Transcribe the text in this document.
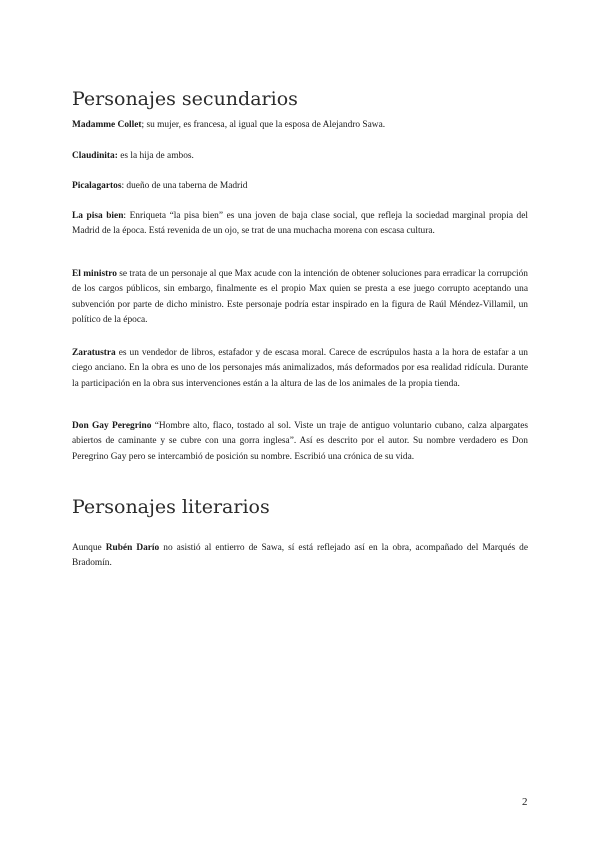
Personajes secundarios

Madamme Collet; su mujer, es francesa, al igual que la esposa de Alejandro Sawa.

Claudinita: es la hija de ambos.

Picalagartos: dueño de una taberna de Madrid

La pisa bien: Enriqueta “la pisa bien” es una joven de baja clase social, que refleja la sociedad marginal propia del Madrid de la época. Está revenida de un ojo, se trat de una muchacha morena con escasa cultura.

El ministro se trata de un personaje al que Max acude con la intención de obtener soluciones para erradicar la corrupción de los cargos públicos, sin embargo, finalmente es el propio Max quien se presta a ese juego corrupto aceptando una subvención por parte de dicho ministro. Este personaje podría estar inspirado en la figura de Raúl Méndez-Villamil, un político de la época.

Zaratustra es un vendedor de libros, estafador y de escasa moral. Carece de escrúpulos hasta a la hora de estafar a un ciego anciano. En la obra es uno de los personajes más animalizados, más deformados por esa realidad ridícula. Durante la participación en la obra sus intervenciones están a la altura de las de los animales de la propia tienda.

Don Gay Peregrino “Hombre alto, flaco, tostado al sol. Viste un traje de antiguo voluntario cubano, calza alpargates abiertos de caminante y se cubre con una gorra inglesa”. Así es descrito por el autor. Su nombre verdadero es Don Peregrino Gay pero se intercambió de posición su nombre. Escribió una crónica de su vida.

Personajes literarios

Aunque Rubén Darío no asistió al entierro de Sawa, sí está reflejado así en la obra, acompañado del Marqués de Bradomín.

2
